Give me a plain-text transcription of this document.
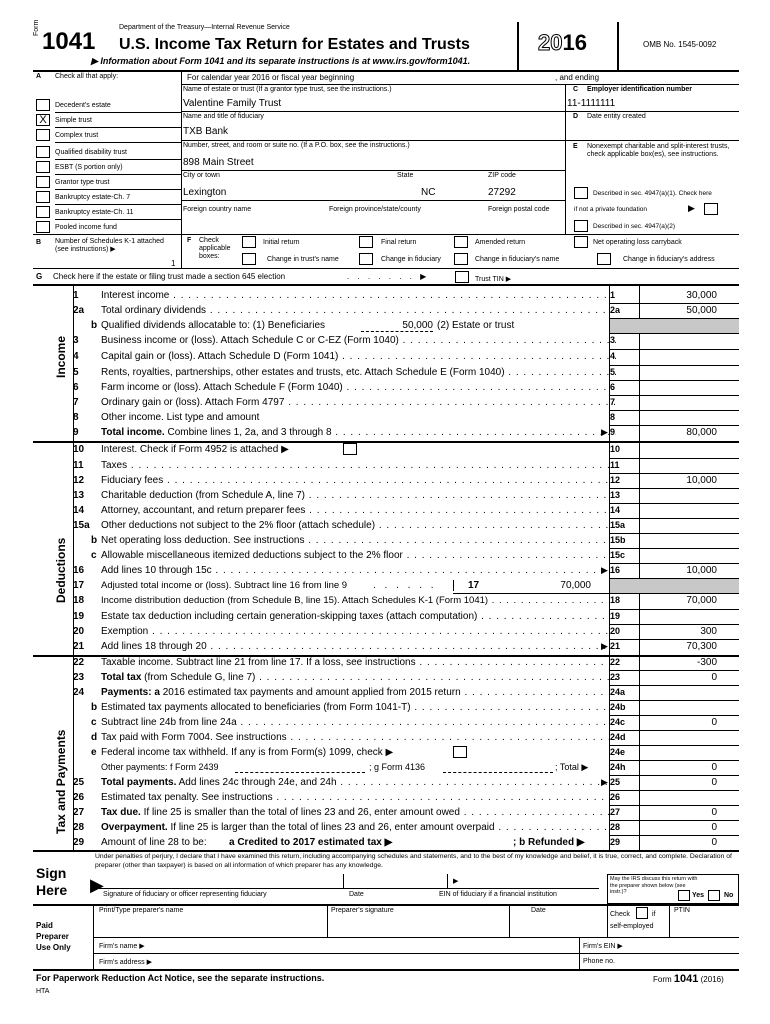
Form
1041
Department of the Treasury—Internal Revenue Service
U.S. Income Tax Return for Estates and Trusts
▶ Information about Form 1041 and its separate instructions is at www.irs.gov/form1041.
2016	OMB No. 1545-0092
A Check all that apply:
Decedent's estate
X	Simple trust
Complex trust
Qualified disability trust
ESBT (S portion only)
Grantor type trust
Bankruptcy estate-Ch. 7
Bankruptcy estate-Ch. 11
Pooled income fund
For calendar year 2016 or fiscal year beginning	, and ending
Name of estate or trust (If a grantor type trust, see the instructions.)
Valentine Family Trust
Name and title of fiduciary
TXB Bank
Number, street, and room or suite no. (If a P.O. box, see the instructions.)
898 Main Street
City or town	State	ZIP code
Lexington	NC	27292
Foreign country name	Foreign province/state/county	Foreign postal code
C Employer identification number
11-1111111
D Date entity created
E Nonexempt charitable and split-interest trusts, check applicable box(es), see instructions.
Described in sec. 4947(a)(1). Check here
if not a private foundation	▶
Described in sec. 4947(a)(2)
B Number of Schedules K-1 attached (see instructions) ▶
1
F Check applicable boxes:
Initial return	Final return	Amended return	Net operating loss carryback
Change in trust's name	Change in fiduciary	Change in fiduciary's name	Change in fiduciary's address
G Check here if the estate or filing trust made a section 645 election	. . . . . . . ▶	Trust TIN ▶
Income
Deductions
Tax and Payments
1	Interest income . . .	1	30,000
2a	Total ordinary dividends . . .	2a	50,000
b Qualified dividends allocatable to: (1) Beneficiaries	50,000 (2) Estate or trust
3	Business income or (loss). Attach Schedule C or C-EZ (Form 1040) . . .	3
4	Capital gain or (loss). Attach Schedule D (Form 1041) . . .	4
5	Rents, royalties, partnerships, other estates and trusts, etc. Attach Schedule E (Form 1040) . . .	5
6	Farm income or (loss). Attach Schedule F (Form 1040) . . .	6
7	Ordinary gain or (loss). Attach Form 4797 . . .	7
8	Other income. List type and amount	8
9	Total income. Combine lines 1, 2a, and 3 through 8 . . .	▶ 9	80,000
10	Interest. Check if Form 4952 is attached ▶	10
11	Taxes . . .	11
12	Fiduciary fees . . .	12	10,000
13	Charitable deduction (from Schedule A, line 7) . . .	13
14	Attorney, accountant, and return preparer fees . . .	14
15a	Other deductions not subject to the 2% floor (attach schedule) . . .	15a
b Net operating loss deduction. See instructions . . .	15b
c Allowable miscellaneous itemized deductions subject to the 2% floor . . .	15c
16	Add lines 10 through 15c . . .	▶ 16	10,000
17	Adjusted total income or (loss). Subtract line 16 from line 9	. . . . . .	17	70,000
18	Income distribution deduction (from Schedule B, line 15). Attach Schedules K-1 (Form 1041) . . .	18	70,000
19	Estate tax deduction including certain generation-skipping taxes (attach computation) . . .	19
20	Exemption . . .	20	300
21	Add lines 18 through 20 . . .	▶ 21	70,300
22	Taxable income. Subtract line 21 from line 17. If a loss, see instructions . . .	22	-300
23	Total tax (from Schedule G, line 7) . . .	23	0
24	Payments: a 2016 estimated tax payments and amount applied from 2015 return . . .	24a
b Estimated tax payments allocated to beneficiaries (from Form 1041-T) . . .	24b
c Subtract line 24b from line 24a . . .	24c	0
d Tax paid with Form 7004. See instructions . . .	24d
e Federal income tax withheld. If any is from Form(s) 1099, check ▶	24e
Other payments: f Form 2439	; g Form 4136	; Total ▶ 24h	0
25	Total payments. Add lines 24c through 24e, and 24h . . .	▶ 25	0
26	Estimated tax penalty. See instructions . . .	26
27	Tax due. If line 25 is smaller than the total of lines 23 and 26, enter amount owed . . .	27	0
28	Overpayment. If line 25 is larger than the total of lines 23 and 26, enter amount overpaid . . .	28	0
29	Amount of line 28 to be: a Credited to 2017 estimated tax ▶	; b Refunded ▶	29	0
Sign
Here
Under penalties of perjury, I declare that I have examined this return, including accompanying schedules and statements, and to the best of my knowledge and belief, it is true, correct, and complete. Declaration of preparer (other than taxpayer) is based on all information of which preparer has any knowledge.
▶	▶
Signature of fiduciary or officer representing fiduciary	Date	EIN of fiduciary if a financial institution
May the IRS discuss this return with the preparer shown below (see instr.)?	Yes	No
Paid
Preparer
Use Only
Print/Type preparer's name	Preparer's signature	Date
Check	if
self-employed
PTIN
Firm's name ▶	Firm's EIN ▶
Firm's address ▶	Phone no.
For Paperwork Reduction Act Notice, see the separate instructions.
HTA
Form 1041 (2016)
